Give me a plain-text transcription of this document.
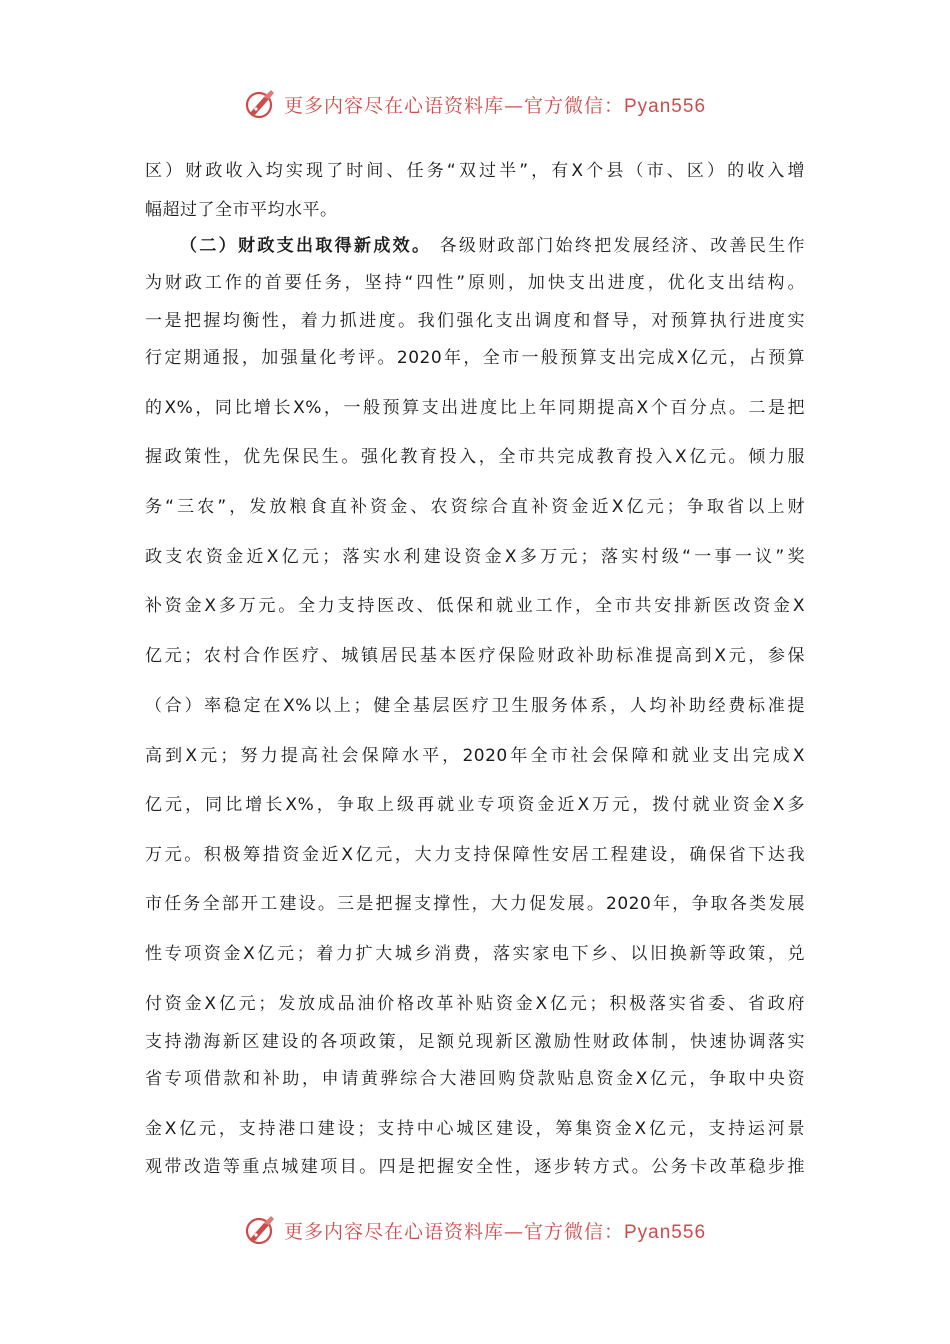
更多内容尽在心语资料库—官方微信：Pyan556
区）财政收入均实现了时间、任务“双过半”，有X个县（市、区）的收入增
幅超过了全市平均水平。
（二）财政支出取得新成效。 各级财政部门始终把发展经济、改善民生作
为财政工作的首要任务，坚持“四性”原则，加快支出进度，优化支出结构。
一是把握均衡性，着力抓进度。我们强化支出调度和督导，对预算执行进度实
行定期通报，加强量化考评。2020年，全市一般预算支出完成X亿元，占预算
的X%，同比增长X%，一般预算支出进度比上年同期提高X个百分点。二是把
握政策性，优先保民生。强化教育投入，全市共完成教育投入X亿元。倾力服
务“三农”，发放粮食直补资金、农资综合直补资金近X亿元；争取省以上财
政支农资金近X亿元；落实水利建设资金X多万元；落实村级“一事一议”奖
补资金X多万元。全力支持医改、低保和就业工作，全市共安排新医改资金X
亿元；农村合作医疗、城镇居民基本医疗保险财政补助标准提高到X元，参保
（合）率稳定在X%以上；健全基层医疗卫生服务体系，人均补助经费标准提
高到X元；努力提高社会保障水平，2020年全市社会保障和就业支出完成X
亿元，同比增长X%，争取上级再就业专项资金近X万元，拨付就业资金X多
万元。积极筹措资金近X亿元，大力支持保障性安居工程建设，确保省下达我
市任务全部开工建设。三是把握支撑性，大力促发展。2020年，争取各类发展
性专项资金X亿元；着力扩大城乡消费，落实家电下乡、以旧换新等政策，兑
付资金X亿元；发放成品油价格改革补贴资金X亿元；积极落实省委、省政府
支持渤海新区建设的各项政策，足额兑现新区激励性财政体制，快速协调落实
省专项借款和补助，申请黄骅综合大港回购贷款贴息资金X亿元，争取中央资
金X亿元，支持港口建设；支持中心城区建设，筹集资金X亿元，支持运河景
观带改造等重点城建项目。四是把握安全性，逐步转方式。公务卡改革稳步推
更多内容尽在心语资料库—官方微信：Pyan556
